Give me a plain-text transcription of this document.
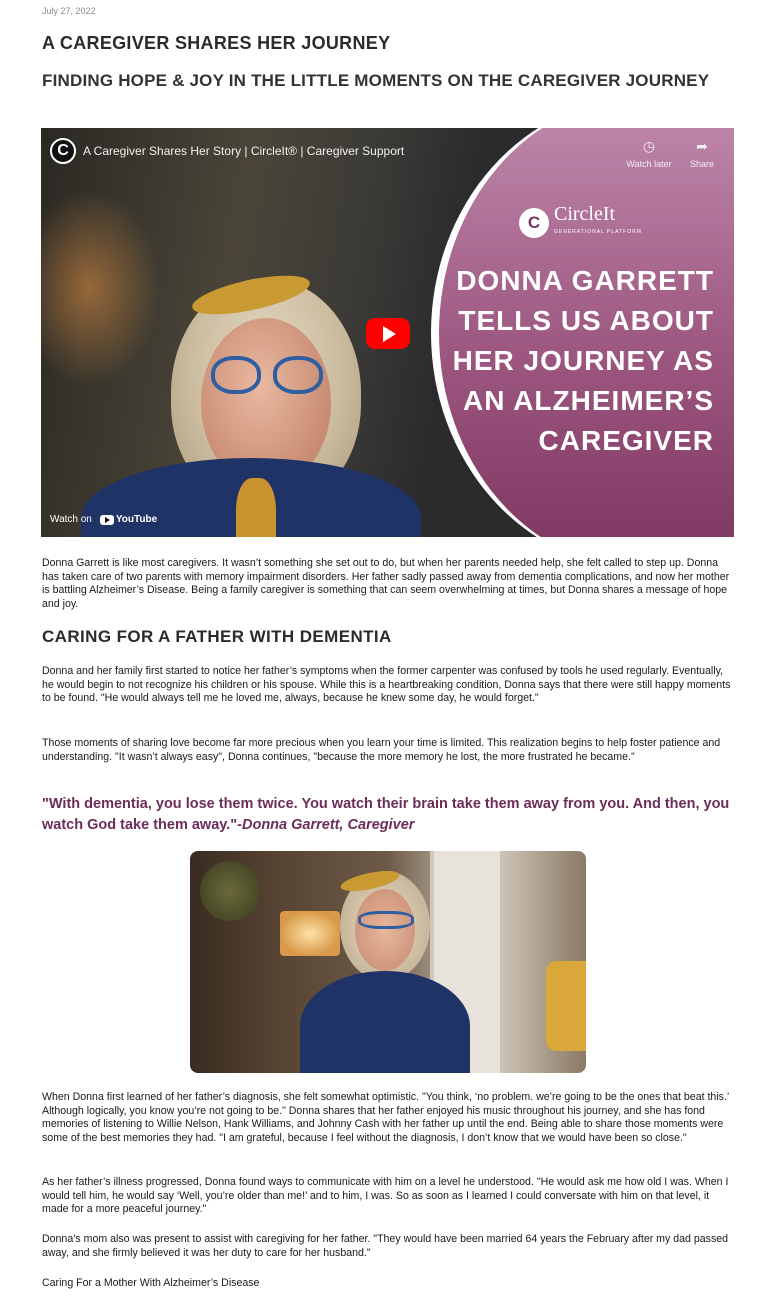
July 27, 2022
A CAREGIVER SHARES HER JOURNEY
FINDING HOPE & JOY IN THE LITTLE MOMENTS ON THE CAREGIVER JOURNEY
C CircleIt
GENERATIONAL PLATFORM
DONNA GARRETT
TELLS US ABOUT
HER JOURNEY AS
AN ALZHEIMER’S
CAREGIVER
C	A Caregiver Shares Her Story | CircleIt® | Caregiver Support	◷
Watch later
➦
Share
Watch on YouTube

Donna Garrett is like most caregivers. It wasn’t something she set out to do, but when her parents needed help, she felt called to step up. Donna has taken care of two parents with memory impairment disorders. Her father sadly passed away from dementia complications, and now her mother is battling Alzheimer’s Disease. Being a family caregiver is something that can seem overwhelming at times, but Donna shares a message of hope and joy.

CARING FOR A FATHER WITH DEMENTIA

Donna and her family first started to notice her father’s symptoms when the former carpenter was confused by tools he used regularly. Eventually, he would begin to not recognize his children or his spouse. While this is a heartbreaking condition, Donna says that there were still happy moments to be found. "He would always tell me he loved me, always, because he knew some day, he would forget."

Those moments of sharing love become far more precious when you learn your time is limited. This realization begins to help foster patience and understanding. "It wasn’t always easy", Donna continues, "because the more memory he lost, the more frustrated he became."

"With dementia, you lose them twice. You watch their brain take them away from you. And then, you watch God take them away."-Donna Garrett, Caregiver

When Donna first learned of her father’s diagnosis, she felt somewhat optimistic. "You think, ‘no problem. we’re going to be the ones that beat this.’ Although logically, you know you’re not going to be." Donna shares that her father enjoyed his music throughout his journey, and she has fond memories of listening to Willie Nelson, Hank Williams, and Johnny Cash with her father up until the end. Being able to share those moments were some of the best memories they had. "I am grateful, because I feel without the diagnosis, I don’t know that we would have been so close."

As her father’s illness progressed, Donna found ways to communicate with him on a level he understood. "He would ask me how old I was. When I would tell him, he would say ‘Well, you’re older than me!’ and to him, I was. So as soon as I learned I could conversate with him on that level, it made for a more peaceful journey."

Donna’s mom also was present to assist with caregiving for her father. "They would have been married 64 years the February after my dad passed away, and she firmly believed it was her duty to care for her husband."

Caring For a Mother With Alzheimer’s Disease
